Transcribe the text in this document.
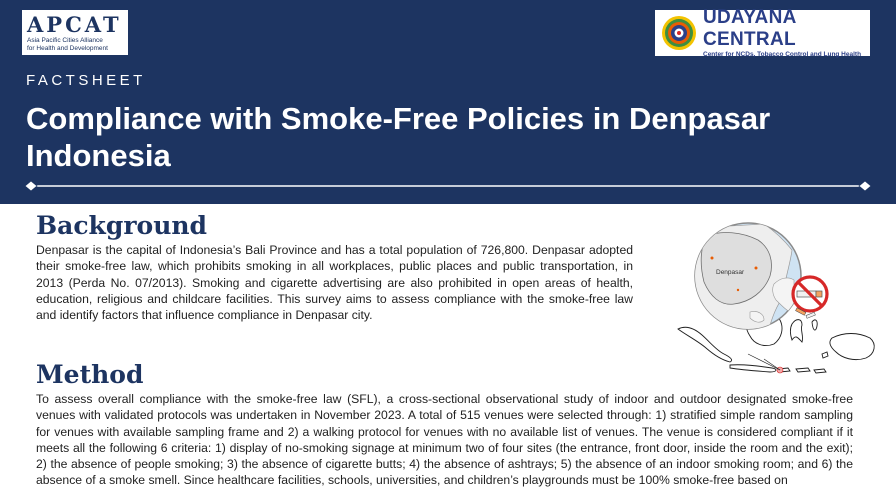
APCAT
Asia Pacific Cities Alliance
for Health and Development
UDAYANA CENTRAL
Center for NCDs, Tobacco Control and Lung Health
FACTSHEET
Compliance with Smoke-Free Policies in Denpasar Indonesia
Background

Denpasar is the capital of Indonesia’s Bali Province and has a total population of 726,800. Denpasar adopted their smoke-free law, which prohibits smoking in all workplaces, public places and public transportation, in 2013 (Perda No. 07/2013). Smoking and cigarette advertising are also prohibited in open areas of health, education, religious and childcare facilities. This survey aims to assess compliance with the smoke-free law and identify factors that influence compliance in Denpasar city.

Denpasar
Method

To assess overall compliance with the smoke-free law (SFL), a cross-sectional observational study of indoor and outdoor designated smoke-free venues with validated protocols was undertaken in November 2023. A total of 515 venues were selected through: 1) stratified simple random sampling for venues with available sampling frame and 2) a walking protocol for venues with no available list of venues. The venue is considered compliant if it meets all the following 6 criteria: 1) display of no-smoking signage at minimum two of four sites (the entrance, front door, inside the room and the exit); 2) the absence of people smoking; 3) the absence of cigarette butts; 4) the absence of ashtrays; 5) the absence of an indoor smoking room; and 6) the absence of a smoke smell. Since healthcare facilities, schools, universities, and children’s playgrounds must be 100% smoke-free based on
